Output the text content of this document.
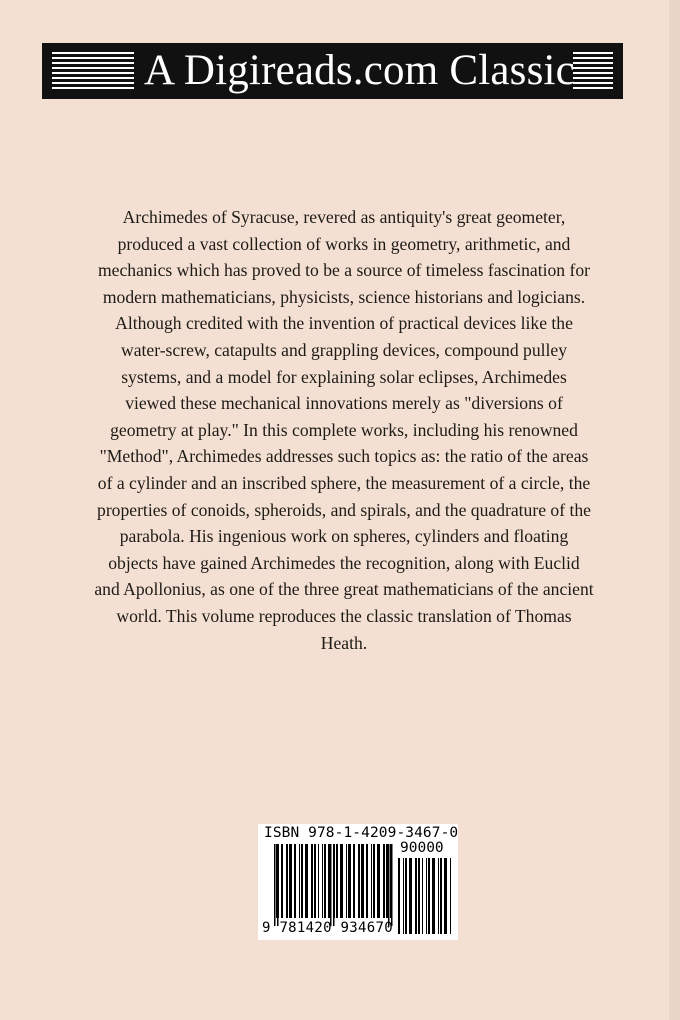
A Digireads.com Classic

Archimedes of Syracuse, revered as antiquity's great geometer, produced a vast collection of works in geometry, arithmetic, and mechanics which has proved to be a source of timeless fascination for modern mathematicians, physicists, science historians and logicians. Although credited with the invention of practical devices like the water-screw, catapults and grappling devices, compound pulley systems, and a model for explaining solar eclipses, Archimedes viewed these mechanical innovations merely as "diversions of geometry at play." In this complete works, including his renowned "Method", Archimedes addresses such topics as: the ratio of the areas of a cylinder and an inscribed sphere, the measurement of a circle, the properties of conoids, spheroids, and spirals, and the quadrature of the parabola. His ingenious work on spheres, cylinders and floating objects have gained Archimedes the recognition, along with Euclid and Apollonius, as one of the three great mathematicians of the ancient world. This volume reproduces the classic translation of Thomas Heath.

ISBN 978-1-4209-3467-0
90000
9 781420 934670
